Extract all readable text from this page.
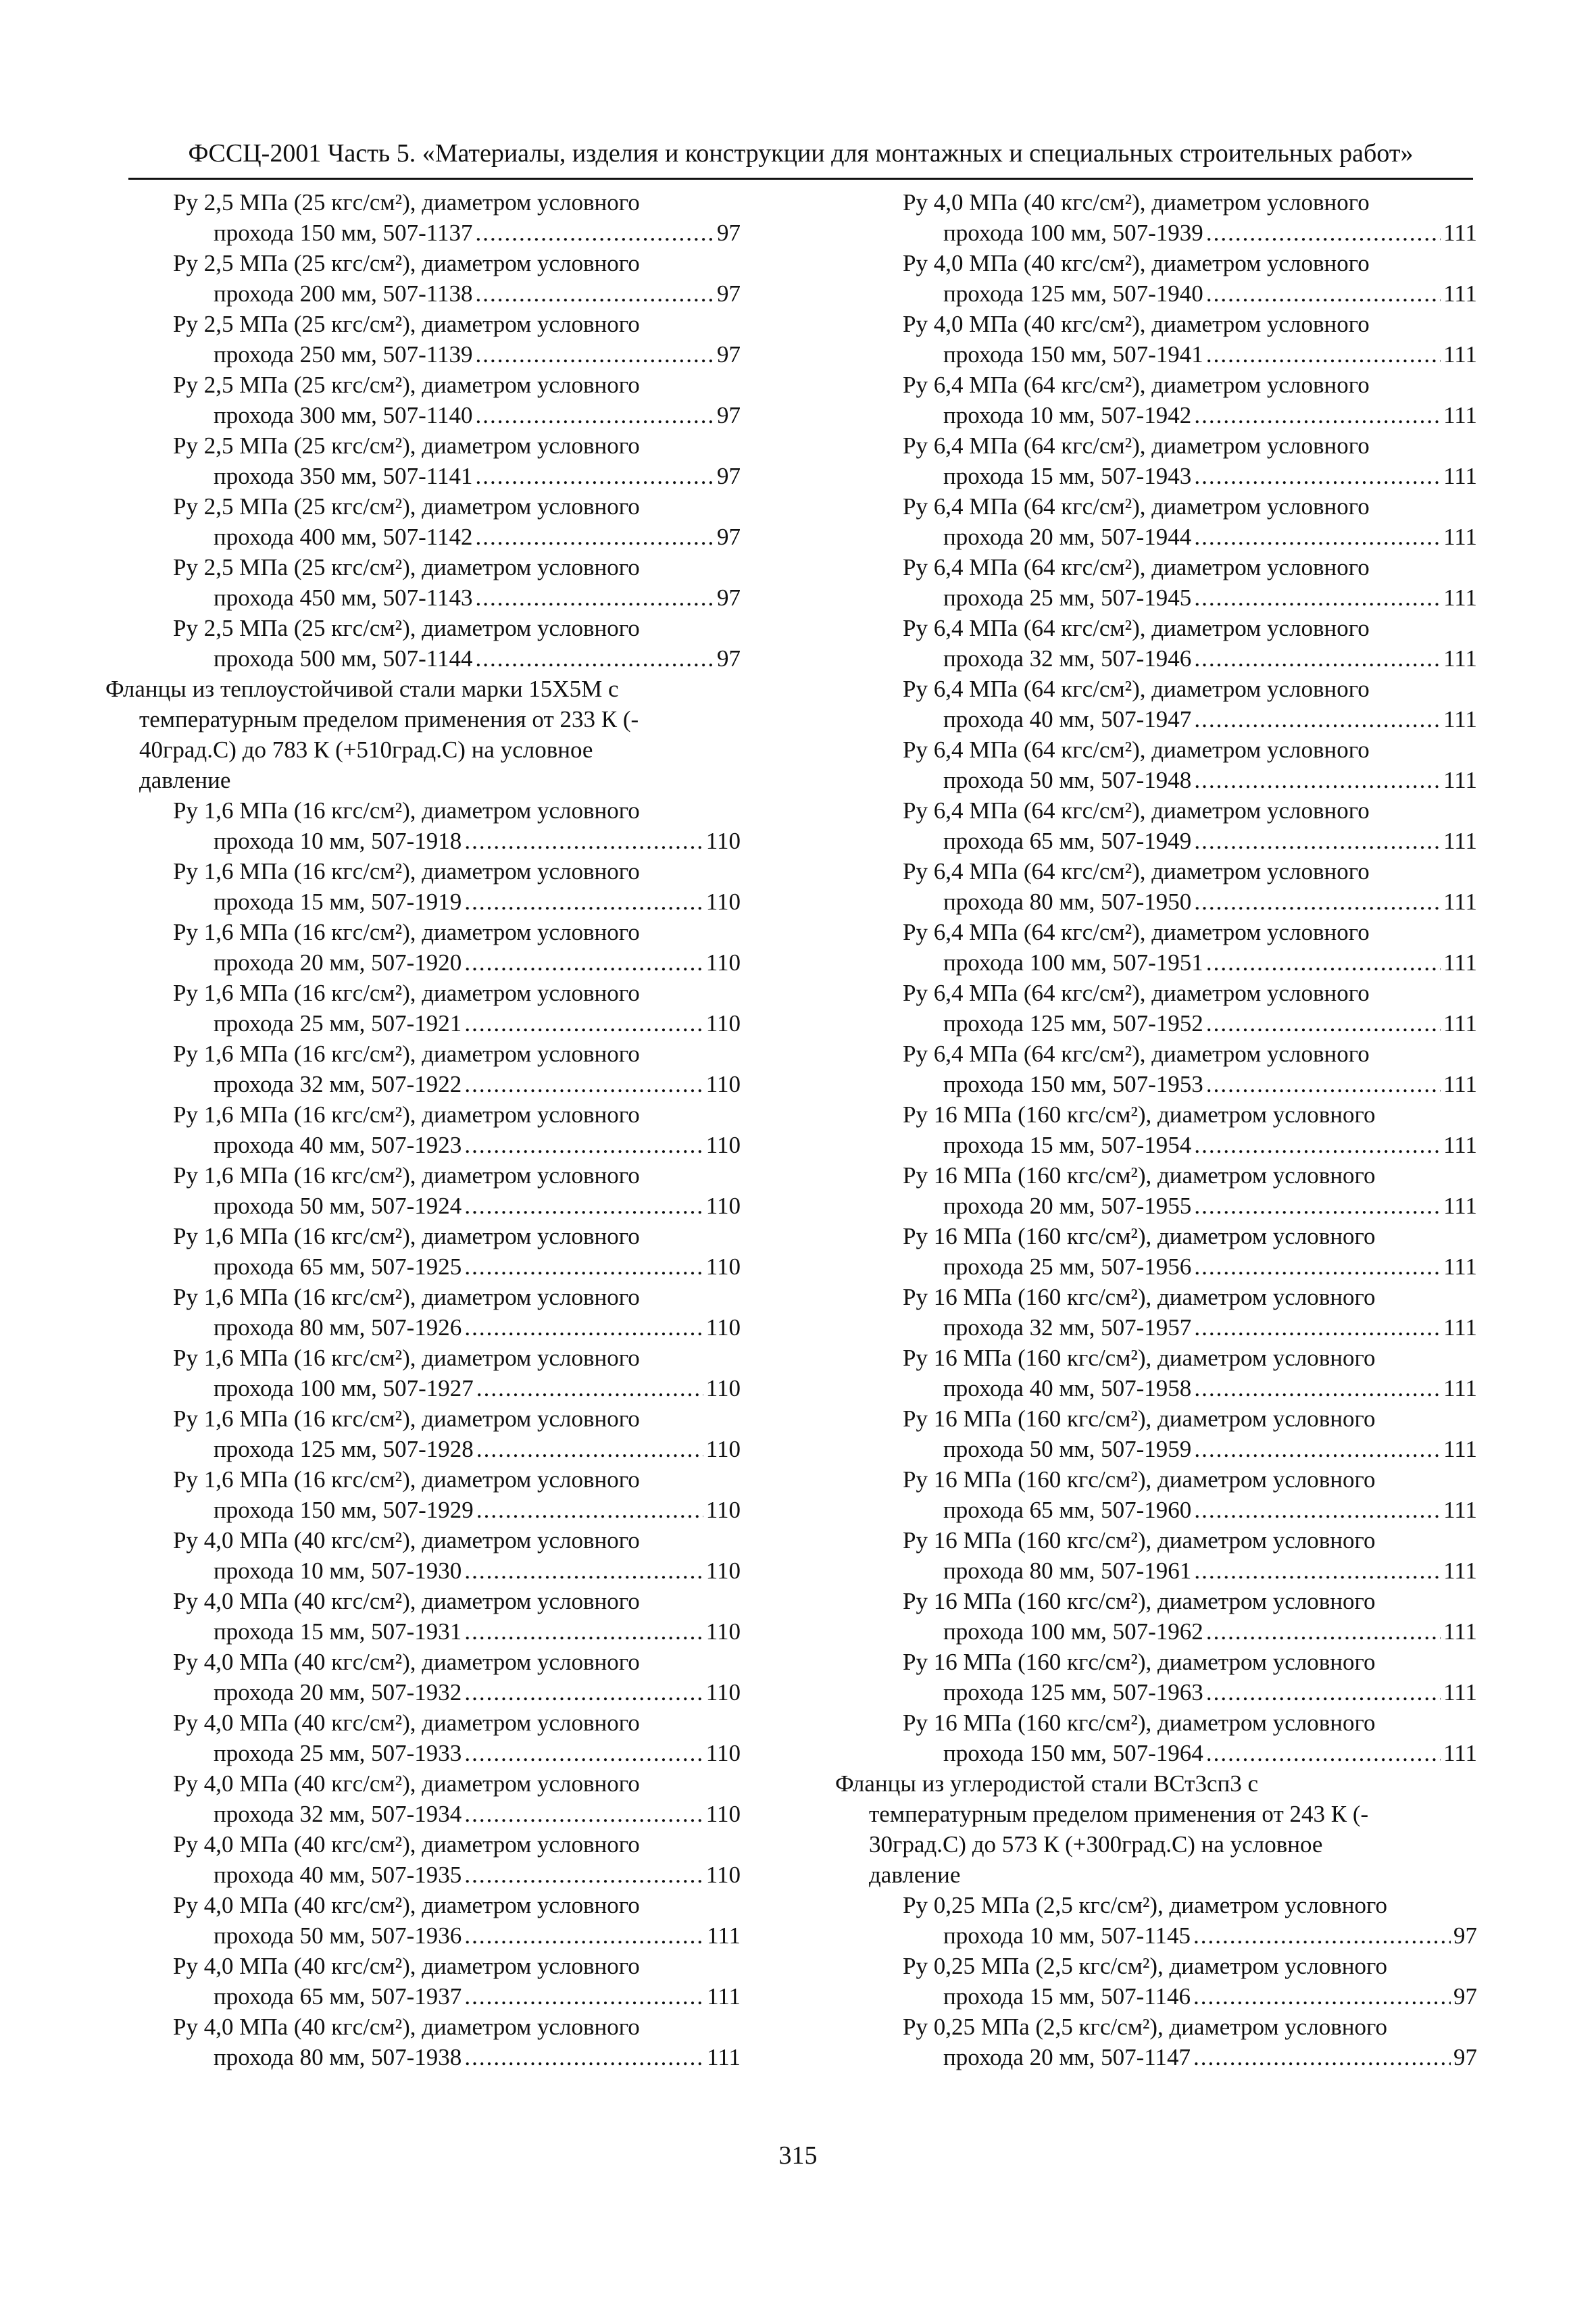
ФССЦ-2001 Часть 5. «Материалы, изделия и конструкции для монтажных и специальных строительных работ»
Ру 2,5 МПа (25 кгс/см²), диаметром условного
прохода 150 мм, 507-1137 .....	97
Ру 2,5 МПа (25 кгс/см²), диаметром условного
прохода 200 мм, 507-1138 .....	97
Ру 2,5 МПа (25 кгс/см²), диаметром условного
прохода 250 мм, 507-1139 .....	97
Ру 2,5 МПа (25 кгс/см²), диаметром условного
прохода 300 мм, 507-1140 .....	97
Ру 2,5 МПа (25 кгс/см²), диаметром условного
прохода 350 мм, 507-1141 .....	97
Ру 2,5 МПа (25 кгс/см²), диаметром условного
прохода 400 мм, 507-1142 .....	97
Ру 2,5 МПа (25 кгс/см²), диаметром условного
прохода 450 мм, 507-1143 .....	97
Ру 2,5 МПа (25 кгс/см²), диаметром условного
прохода 500 мм, 507-1144 .....	97
Фланцы из теплоустойчивой стали марки 15Х5М с
температурным пределом применения от 233 К (-
40град.С) до 783 К (+510град.С) на условное
давление
Ру 1,6 МПа (16 кгс/см²), диаметром условного
прохода 10 мм, 507-1918 .....	110
Ру 1,6 МПа (16 кгс/см²), диаметром условного
прохода 15 мм, 507-1919 .....	110
Ру 1,6 МПа (16 кгс/см²), диаметром условного
прохода 20 мм, 507-1920 .....	110
Ру 1,6 МПа (16 кгс/см²), диаметром условного
прохода 25 мм, 507-1921 .....	110
Ру 1,6 МПа (16 кгс/см²), диаметром условного
прохода 32 мм, 507-1922 .....	110
Ру 1,6 МПа (16 кгс/см²), диаметром условного
прохода 40 мм, 507-1923 .....	110
Ру 1,6 МПа (16 кгс/см²), диаметром условного
прохода 50 мм, 507-1924 .....	110
Ру 1,6 МПа (16 кгс/см²), диаметром условного
прохода 65 мм, 507-1925 .....	110
Ру 1,6 МПа (16 кгс/см²), диаметром условного
прохода 80 мм, 507-1926 .....	110
Ру 1,6 МПа (16 кгс/см²), диаметром условного
прохода 100 мм, 507-1927 .....	110
Ру 1,6 МПа (16 кгс/см²), диаметром условного
прохода 125 мм, 507-1928 .....	110
Ру 1,6 МПа (16 кгс/см²), диаметром условного
прохода 150 мм, 507-1929 .....	110
Ру 4,0 МПа (40 кгс/см²), диаметром условного
прохода 10 мм, 507-1930 .....	110
Ру 4,0 МПа (40 кгс/см²), диаметром условного
прохода 15 мм, 507-1931 .....	110
Ру 4,0 МПа (40 кгс/см²), диаметром условного
прохода 20 мм, 507-1932 .....	110
Ру 4,0 МПа (40 кгс/см²), диаметром условного
прохода 25 мм, 507-1933 .....	110
Ру 4,0 МПа (40 кгс/см²), диаметром условного
прохода 32 мм, 507-1934 .....	110
Ру 4,0 МПа (40 кгс/см²), диаметром условного
прохода 40 мм, 507-1935 .....	110
Ру 4,0 МПа (40 кгс/см²), диаметром условного
прохода 50 мм, 507-1936 .....	111
Ру 4,0 МПа (40 кгс/см²), диаметром условного
прохода 65 мм, 507-1937 .....	111
Ру 4,0 МПа (40 кгс/см²), диаметром условного
прохода 80 мм, 507-1938 .....	111
Ру 4,0 МПа (40 кгс/см²), диаметром условного
прохода 100 мм, 507-1939 .....	111
Ру 4,0 МПа (40 кгс/см²), диаметром условного
прохода 125 мм, 507-1940 .....	111
Ру 4,0 МПа (40 кгс/см²), диаметром условного
прохода 150 мм, 507-1941 .....	111
Ру 6,4 МПа (64 кгс/см²), диаметром условного
прохода 10 мм, 507-1942 .....	111
Ру 6,4 МПа (64 кгс/см²), диаметром условного
прохода 15 мм, 507-1943 .....	111
Ру 6,4 МПа (64 кгс/см²), диаметром условного
прохода 20 мм, 507-1944 .....	111
Ру 6,4 МПа (64 кгс/см²), диаметром условного
прохода 25 мм, 507-1945 .....	111
Ру 6,4 МПа (64 кгс/см²), диаметром условного
прохода 32 мм, 507-1946 .....	111
Ру 6,4 МПа (64 кгс/см²), диаметром условного
прохода 40 мм, 507-1947 .....	111
Ру 6,4 МПа (64 кгс/см²), диаметром условного
прохода 50 мм, 507-1948 .....	111
Ру 6,4 МПа (64 кгс/см²), диаметром условного
прохода 65 мм, 507-1949 .....	111
Ру 6,4 МПа (64 кгс/см²), диаметром условного
прохода 80 мм, 507-1950 .....	111
Ру 6,4 МПа (64 кгс/см²), диаметром условного
прохода 100 мм, 507-1951 .....	111
Ру 6,4 МПа (64 кгс/см²), диаметром условного
прохода 125 мм, 507-1952 .....	111
Ру 6,4 МПа (64 кгс/см²), диаметром условного
прохода 150 мм, 507-1953 .....	111
Ру 16 МПа (160 кгс/см²), диаметром условного
прохода 15 мм, 507-1954 .....	111
Ру 16 МПа (160 кгс/см²), диаметром условного
прохода 20 мм, 507-1955 .....	111
Ру 16 МПа (160 кгс/см²), диаметром условного
прохода 25 мм, 507-1956 .....	111
Ру 16 МПа (160 кгс/см²), диаметром условного
прохода 32 мм, 507-1957 .....	111
Ру 16 МПа (160 кгс/см²), диаметром условного
прохода 40 мм, 507-1958 .....	111
Ру 16 МПа (160 кгс/см²), диаметром условного
прохода 50 мм, 507-1959 .....	111
Ру 16 МПа (160 кгс/см²), диаметром условного
прохода 65 мм, 507-1960 .....	111
Ру 16 МПа (160 кгс/см²), диаметром условного
прохода 80 мм, 507-1961 .....	111
Ру 16 МПа (160 кгс/см²), диаметром условного
прохода 100 мм, 507-1962 .....	111
Ру 16 МПа (160 кгс/см²), диаметром условного
прохода 125 мм, 507-1963 .....	111
Ру 16 МПа (160 кгс/см²), диаметром условного
прохода 150 мм, 507-1964 .....	111
Фланцы из углеродистой стали ВСт3сп3 с
температурным пределом применения от 243 К (-
30град.С) до 573 К (+300град.С) на условное
давление
Ру 0,25 МПа (2,5 кгс/см²), диаметром условного
прохода 10 мм, 507-1145 .....	97
Ру 0,25 МПа (2,5 кгс/см²), диаметром условного
прохода 15 мм, 507-1146 .....	97
Ру 0,25 МПа (2,5 кгс/см²), диаметром условного
прохода 20 мм, 507-1147 .....	97
315
